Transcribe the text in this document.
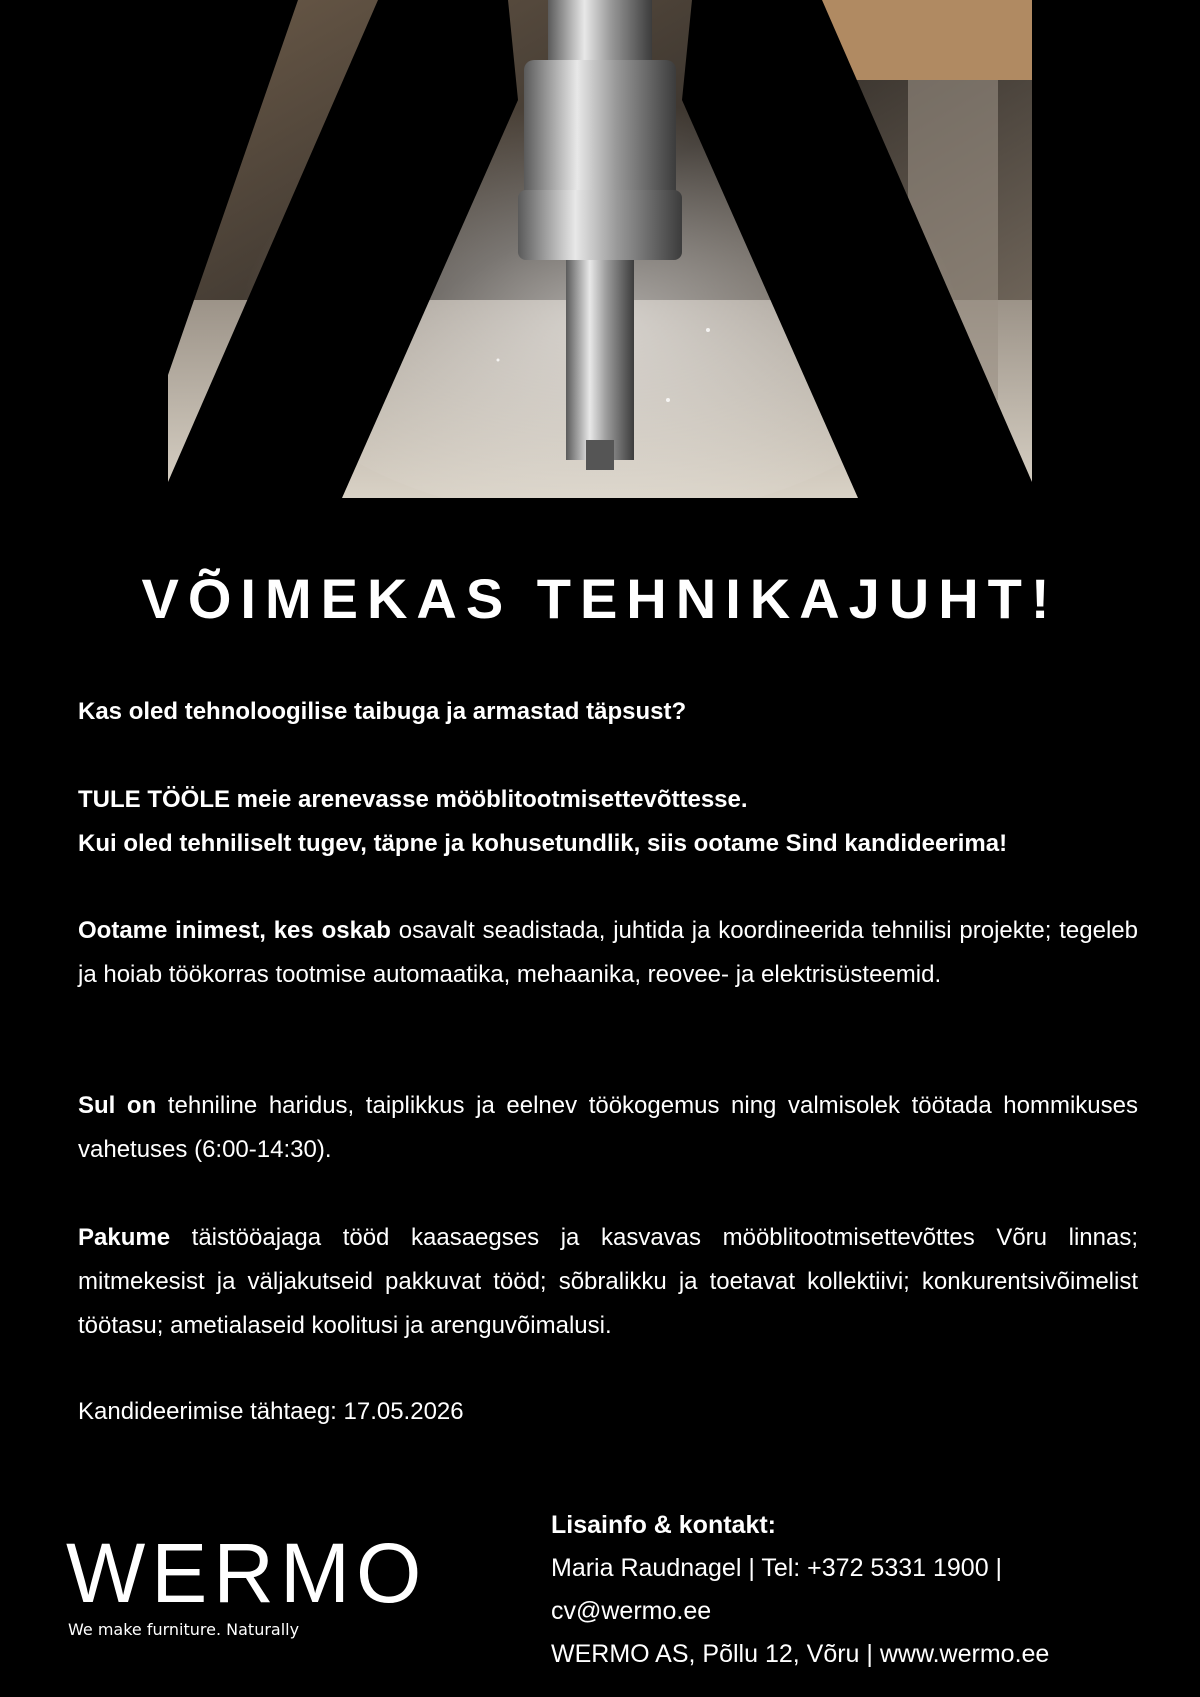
VÕIMEKAS TEHNIKAJUHT!

Kas oled tehnoloogilise taibuga ja armastad täpsust?

TULE TÖÖLE meie arenevasse mööblitootmisettevõttesse.
Kui oled tehniliselt tugev, täpne ja kohusetundlik, siis ootame Sind kandideerima!

Ootame inimest, kes oskab osavalt seadistada, juhtida ja koordineerida tehnilisi projekte; tegeleb ja hoiab töökorras tootmise automaatika, mehaanika, reovee- ja elektrisüsteemid.

Sul on tehniline haridus, taiplikkus ja eelnev töökogemus ning valmisolek töötada hommikuses vahetuses (6:00-14:30).

Pakume täistööajaga tööd kaasaegses ja kasvavas mööblitootmisettevõttes Võru linnas; mitmekesist ja väljakutseid pakkuvat tööd; sõbralikku ja toetavat kollektiivi; konkurentsivõimelist töötasu; ametialaseid koolitusi ja arenguvõimalusi.

Kandideerimise tähtaeg: 17.05.2026

WERMO
We make furniture. Naturally
Lisainfo & kontakt:
Maria Raudnagel | Tel: +372 5331 1900 |
cv@wermo.ee
WERMO AS, Põllu 12, Võru | www.wermo.ee
